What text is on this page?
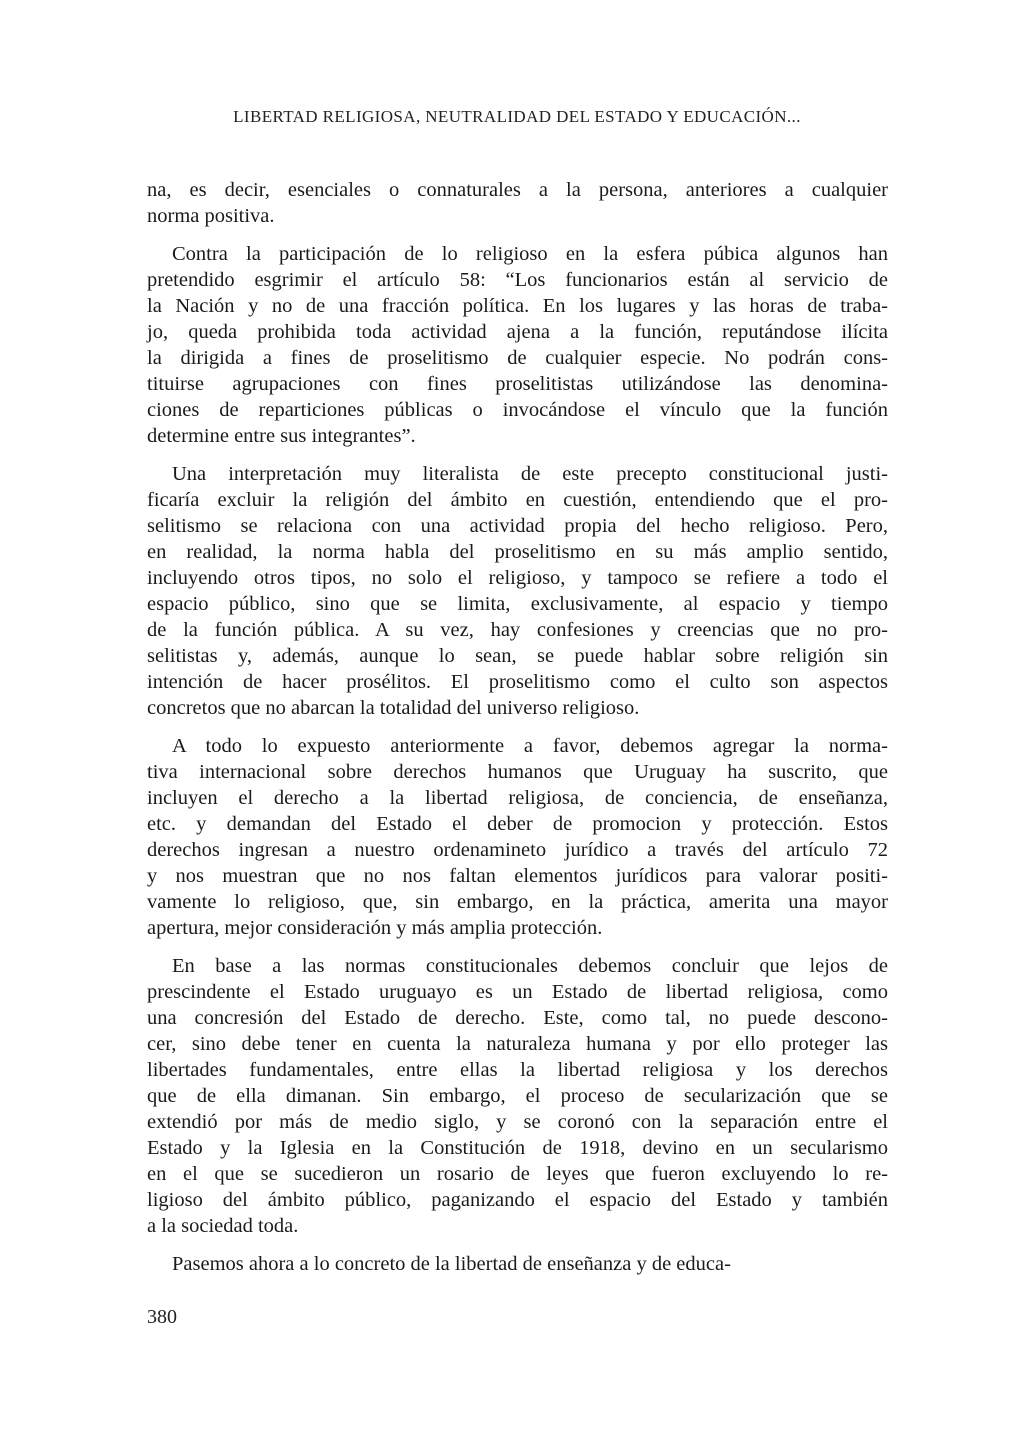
LIBERTAD RELIGIOSA, NEUTRALIDAD DEL ESTADO Y EDUCACIÓN...
na, es decir, esenciales o connaturales a la persona, anteriores a cualquier
norma positiva.
Contra la participación de lo religioso en la esfera púbica algunos han
pretendido esgrimir el artículo 58: “Los funcionarios están al servicio de
la Nación y no de una fracción política. En los lugares y las horas de traba-
jo, queda prohibida toda actividad ajena a la función, reputándose ilícita
la dirigida a fines de proselitismo de cualquier especie. No podrán cons-
tituirse agrupaciones con fines proselitistas utilizándose las denomina-
ciones de reparticiones públicas o invocándose el vínculo que la función
determine entre sus integrantes”.
Una interpretación muy literalista de este precepto constitucional justi-
ficaría excluir la religión del ámbito en cuestión, entendiendo que el pro-
selitismo se relaciona con una actividad propia del hecho religioso. Pero,
en realidad, la norma habla del proselitismo en su más amplio sentido,
incluyendo otros tipos, no solo el religioso, y tampoco se refiere a todo el
espacio público, sino que se limita, exclusivamente, al espacio y tiempo
de la función pública. A su vez, hay confesiones y creencias que no pro-
selitistas y, además, aunque lo sean, se puede hablar sobre religión sin
intención de hacer prosélitos. El proselitismo como el culto son aspectos
concretos que no abarcan la totalidad del universo religioso.
A todo lo expuesto anteriormente a favor, debemos agregar la norma-
tiva internacional sobre derechos humanos que Uruguay ha suscrito, que
incluyen el derecho a la libertad religiosa, de conciencia, de enseñanza,
etc. y demandan del Estado el deber de promocion y protección. Estos
derechos ingresan a nuestro ordenamineto jurídico a través del artículo 72
y nos muestran que no nos faltan elementos jurídicos para valorar positi-
vamente lo religioso, que, sin embargo, en la práctica, amerita una mayor
apertura, mejor consideración y más amplia protección.
En base a las normas constitucionales debemos concluir que lejos de
prescindente el Estado uruguayo es un Estado de libertad religiosa, como
una concresión del Estado de derecho. Este, como tal, no puede descono-
cer, sino debe tener en cuenta la naturaleza humana y por ello proteger las
libertades fundamentales, entre ellas la libertad religiosa y los derechos
que de ella dimanan. Sin embargo, el proceso de secularización que se
extendió por más de medio siglo, y se coronó con la separación entre el
Estado y la Iglesia en la Constitución de 1918, devino en un secularismo
en el que se sucedieron un rosario de leyes que fueron excluyendo lo re-
ligioso del ámbito público, paganizando el espacio del Estado y también
a la sociedad toda.
Pasemos ahora a lo concreto de la libertad de enseñanza y de educa-
380
